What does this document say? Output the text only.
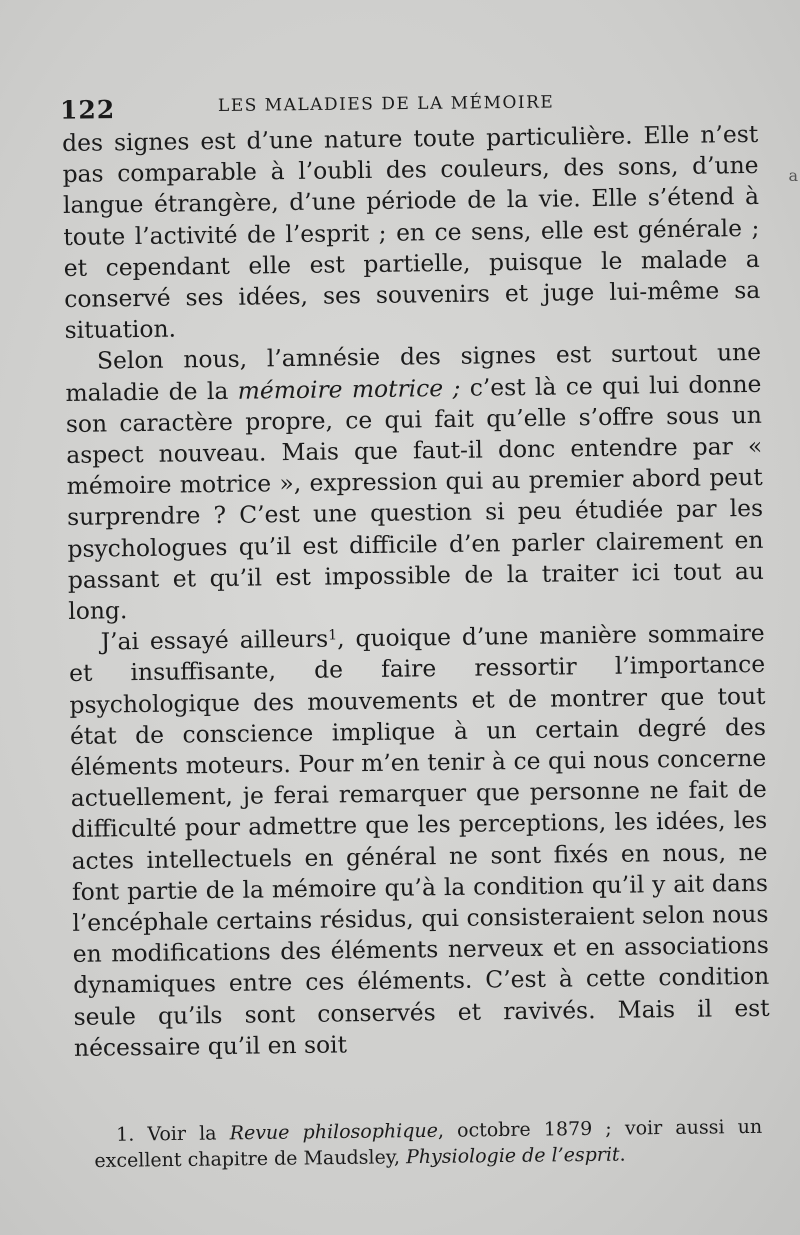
122	LES MALADIES DE LA MÉMOIRE

des signes est d’une nature toute particulière. Elle n’est pas comparable à l’oubli des couleurs, des sons, d’une langue étrangère, d’une période de la vie. Elle s’étend à toute l’activité de l’esprit ; en ce sens, elle est générale ; et cependant elle est partielle, puisque le malade a conservé ses idées, ses souvenirs et juge lui-même sa situation.

Selon nous, l’amnésie des signes est surtout une maladie de la mémoire motrice ; c’est là ce qui lui donne son caractère propre, ce qui fait qu’elle s’offre sous un aspect nouveau. Mais que faut-il donc entendre par « mémoire motrice », expression qui au premier abord peut surprendre ? C’est une question si peu étudiée par les psychologues qu’il est difficile d’en parler clairement en passant et qu’il est impossible de la traiter ici tout au long.

J’ai essayé ailleurs$^1$, quoique d’une manière sommaire et insuffisante, de faire ressortir l’importance psychologique des mouvements et de montrer que tout état de conscience implique à un certain degré des éléments moteurs. Pour m’en tenir à ce qui nous concerne actuellement, je ferai remarquer que personne ne fait de difficulté pour admettre que les perceptions, les idées, les actes intellectuels en général ne sont fixés en nous, ne font partie de la mémoire qu’à la condition qu’il y ait dans l’encéphale certains résidus, qui consisteraient selon nous en modifications des éléments nerveux et en associations dynamiques entre ces éléments. C’est à cette condition seule qu’ils sont conservés et ravivés. Mais il est nécessaire qu’il en soit

1. Voir la Revue philosophique, octobre 1879 ; voir aussi un excellent chapitre de Maudsley, Physiologie de l’esprit.

a
